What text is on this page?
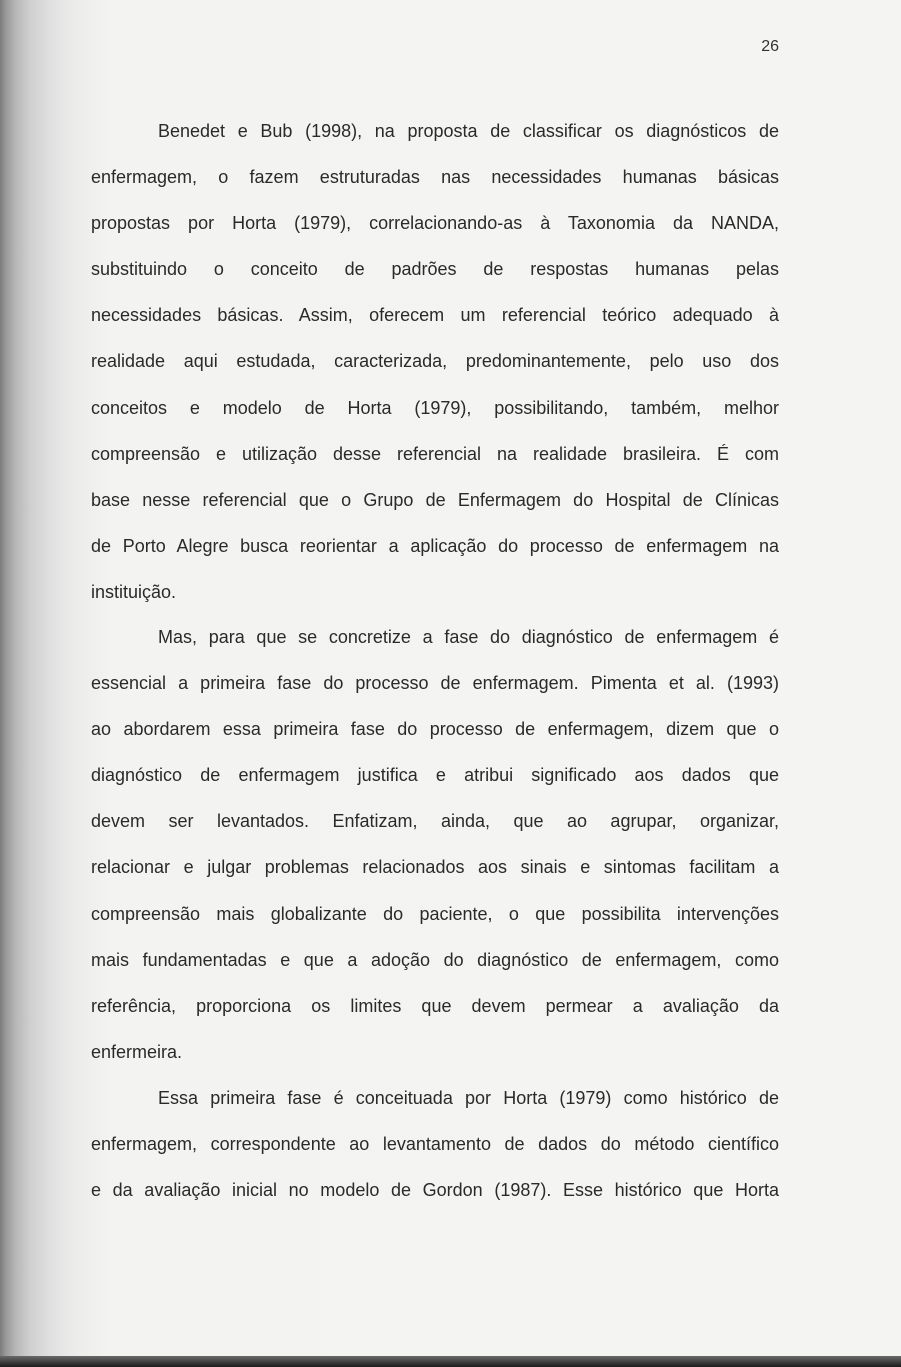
26
Benedet e Bub (1998), na proposta de classificar os diagnósticos de
enfermagem, o fazem estruturadas nas necessidades humanas básicas
propostas por Horta (1979), correlacionando-as à Taxonomia da NANDA,
substituindo o conceito de padrões de respostas humanas pelas
necessidades básicas. Assim, oferecem um referencial teórico adequado à
realidade aqui estudada, caracterizada, predominantemente, pelo uso dos
conceitos e modelo de Horta (1979), possibilitando, também, melhor
compreensão e utilização desse referencial na realidade brasileira. É com
base nesse referencial que o Grupo de Enfermagem do Hospital de Clínicas
de Porto Alegre busca reorientar a aplicação do processo de enfermagem na
instituição.
Mas, para que se concretize a fase do diagnóstico de enfermagem é
essencial a primeira fase do processo de enfermagem. Pimenta et al. (1993)
ao abordarem essa primeira fase do processo de enfermagem, dizem que o
diagnóstico de enfermagem justifica e atribui significado aos dados que
devem ser levantados. Enfatizam, ainda, que ao agrupar, organizar,
relacionar e julgar problemas relacionados aos sinais e sintomas facilitam a
compreensão mais globalizante do paciente, o que possibilita intervenções
mais fundamentadas e que a adoção do diagnóstico de enfermagem, como
referência, proporciona os limites que devem permear a avaliação da
enfermeira.
Essa primeira fase é conceituada por Horta (1979) como histórico de
enfermagem, correspondente ao levantamento de dados do método científico
e da avaliação inicial no modelo de Gordon (1987). Esse histórico que Horta
